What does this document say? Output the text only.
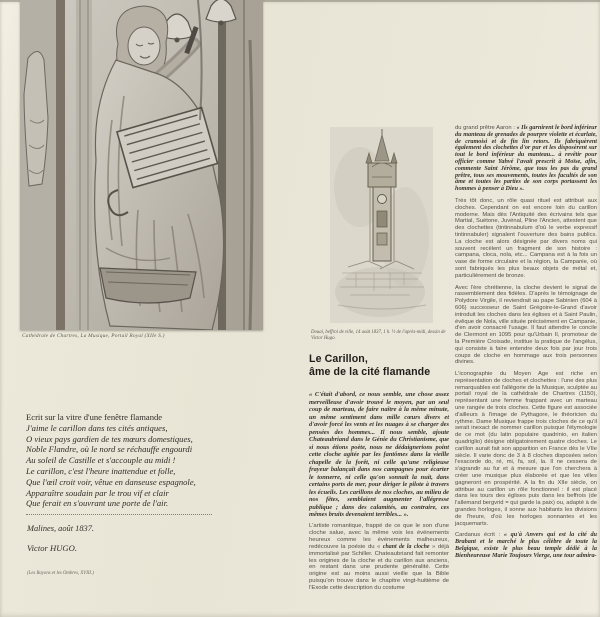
Cathédrale de Chartres, La Musique, Portail Royal (XIIe S.)
Ecrit sur la vitre d'une fenêtre flamande
J'aime le carillon dans tes cités antiques,
O vieux pays gardien de tes mœurs domestiques,
Noble Flandre, où le nord se réchauffe engourdi
Au soleil de Castille et s'accouple au midi !
Le carillon, c'est l'heure inattendue et folle,
Que l'œil croit voir, vêtue en danseuse espagnole,
Apparaître soudain par le trou vif et clair
Que ferait en s'ouvrant une porte de l'air.
Malines, août 1837.
Victor HUGO.
(Les Rayons et les Ombres, XVIII.)
Douai, beffroi de ville, 14 août 1837, 1 h. ½ de l'après-midi, dessin de Victor Hugo.
Le Carillon,
âme de la cité flamande
« C'était d'abord, ce nous semble, une chose assez merveilleuse d'avoir trouvé le moyen, par un seul coup de marteau, de faire naître à la même minute, un même sentiment dans mille cœurs divers et d'avoir forcé les vents et les nuages à se charger des pensées des hommes... Il nous semble, ajoute Chateaubriand dans le Génie du Christianisme, que si nous étions poète, nous ne dédaignerions point cette cloche agitée par les fantômes dans la vieille chapelle de la forêt, ni celle qu'une religieuse frayeur balançait dans nos campagnes pour écarter le tonnerre, ni celle qu'on sonnait la nuit, dans certains ports de mer, pour diriger le pilote à travers les écueils. Les carillons de nos cloches, au milieu de nos fêtes, semblaient augmenter l'allégresse publique ; dans des calamités, au contraire, ces mêmes bruits devenaient terribles... ».
L'artiste romantique, frappé de ce que le son d'une cloche salue, avec la même voix les événements heureux comme les événements malheureux, redécouvre la poésie du « chant de la cloche » déjà immortalisé par Schiller. Chateaubriand fait remonter les origines de la cloche et du carillon aux anciens, en restant dans une prudente généralité. Cette origine est au moins aussi vieille que la Bible puisqu'on trouve dans le chapitre vingt-huitième de l'Exode cette description du costume

du grand prêtre Aaron : « Ils garnirent le bord inférieur du manteau de grenades de pourpre violette et écarlate, de cramoisi et de fin lin retors. Ils fabriquèrent également des clochettes d'or pur et les disposèrent sur tout le bord inférieur du manteau... à revêtir pour officier comme Yahvé l'avait prescrit à Moïse, afin, commente Saint Jérôme, que tous les pas du grand prêtre, tous ses mouvements, toutes les facultés de son âme et toutes les parties de son corps portassent les hommes à penser à Dieu ».

Très tôt donc, un rôle quasi rituel est attribué aux cloches. Cependant on est encore loin du carillon moderne. Mais dès l'Antiquité des écrivains tels que Martial, Suétone, Juvénal, Pline l'Ancien, attestent que des clochettes (tintinnabulum d'où le verbe expressif tintinnabuler) signalent l'ouverture des bains publics. La cloche est alors désignée par divers noms qui souvent recèlent un fragment de son histoire : campana, cloca, nola, etc... Campana est à la fois un vase de forme circulaire et la région, la Campanie, où sont fabriqués les plus beaux objets de métal et, particulièrement de bronze.

Avec l'ère chrétienne, la cloche devient le signal de rassemblement des fidèles. D'après le témoignage de Polydore Virgile, il reviendrait au pape Sabinien (604 à 606) successeur de Saint Grégoire-le-Grand d'avoir introduit les cloches dans les églises et à Saint Paulin, évêque de Nola, ville située précisément en Campanie, d'en avoir consacré l'usage. Il faut attendre le concile de Clermont en 1095 pour qu'Urbain II, promoteur de la Première Croisade, institue la pratique de l'angélus, qui consiste à faire entendre deux fois par jour trois coups de cloche en hommage aux trois personnes divines.

L'iconographie du Moyen Age est riche en représentation de cloches et clochettes : l'une des plus remarquables est l'allégorie de la Musique, sculptée au portail royal de la cathédrale de Chartres (1150), représentant une femme frappant avec un marteau une rangée de trois cloches. Cette figure est associée d'ailleurs à l'image de Pythagore, le théoricien du rythme. Dame Musique frappe trois cloches de ce qu'il serait inexact de nommer carillon puisque l'étymologie de ce mot (du latin populaire quadrinio, en italien quadriglio) désigne obligatoirement quatre cloches. Le carillon aurait fait son apparition en France dès le VIIe siècle. Il varie donc de 3 à 8 cloches disposées selon l'exacorde do, ré, mi, fa, sol, la. Il ne cessera de s'agrandir au fur et à mesure que l'on cherchera à créer une musique plus élaborée et que les villes gagneront en prospérité. A la fin du XIIe siècle, on attribue au carillon un rôle fonctionnel : il est placé dans les tours des églises puis dans les beffrois (de l'allemand bergvrid = qui garde la paix) ou, adapté à de grandes horloges, il sonne aux habitants les divisions de l'heure, d'où les horloges sonnantes et les jacquemarts.

Cardanus écrit : « qu'à Anvers qui est la cité du Brabant et le marché le plus célèbre de toute la Belgique, existe le plus beau temple dédié à la Bienheureuse Marie Toujours Vierge, une tour admira-
